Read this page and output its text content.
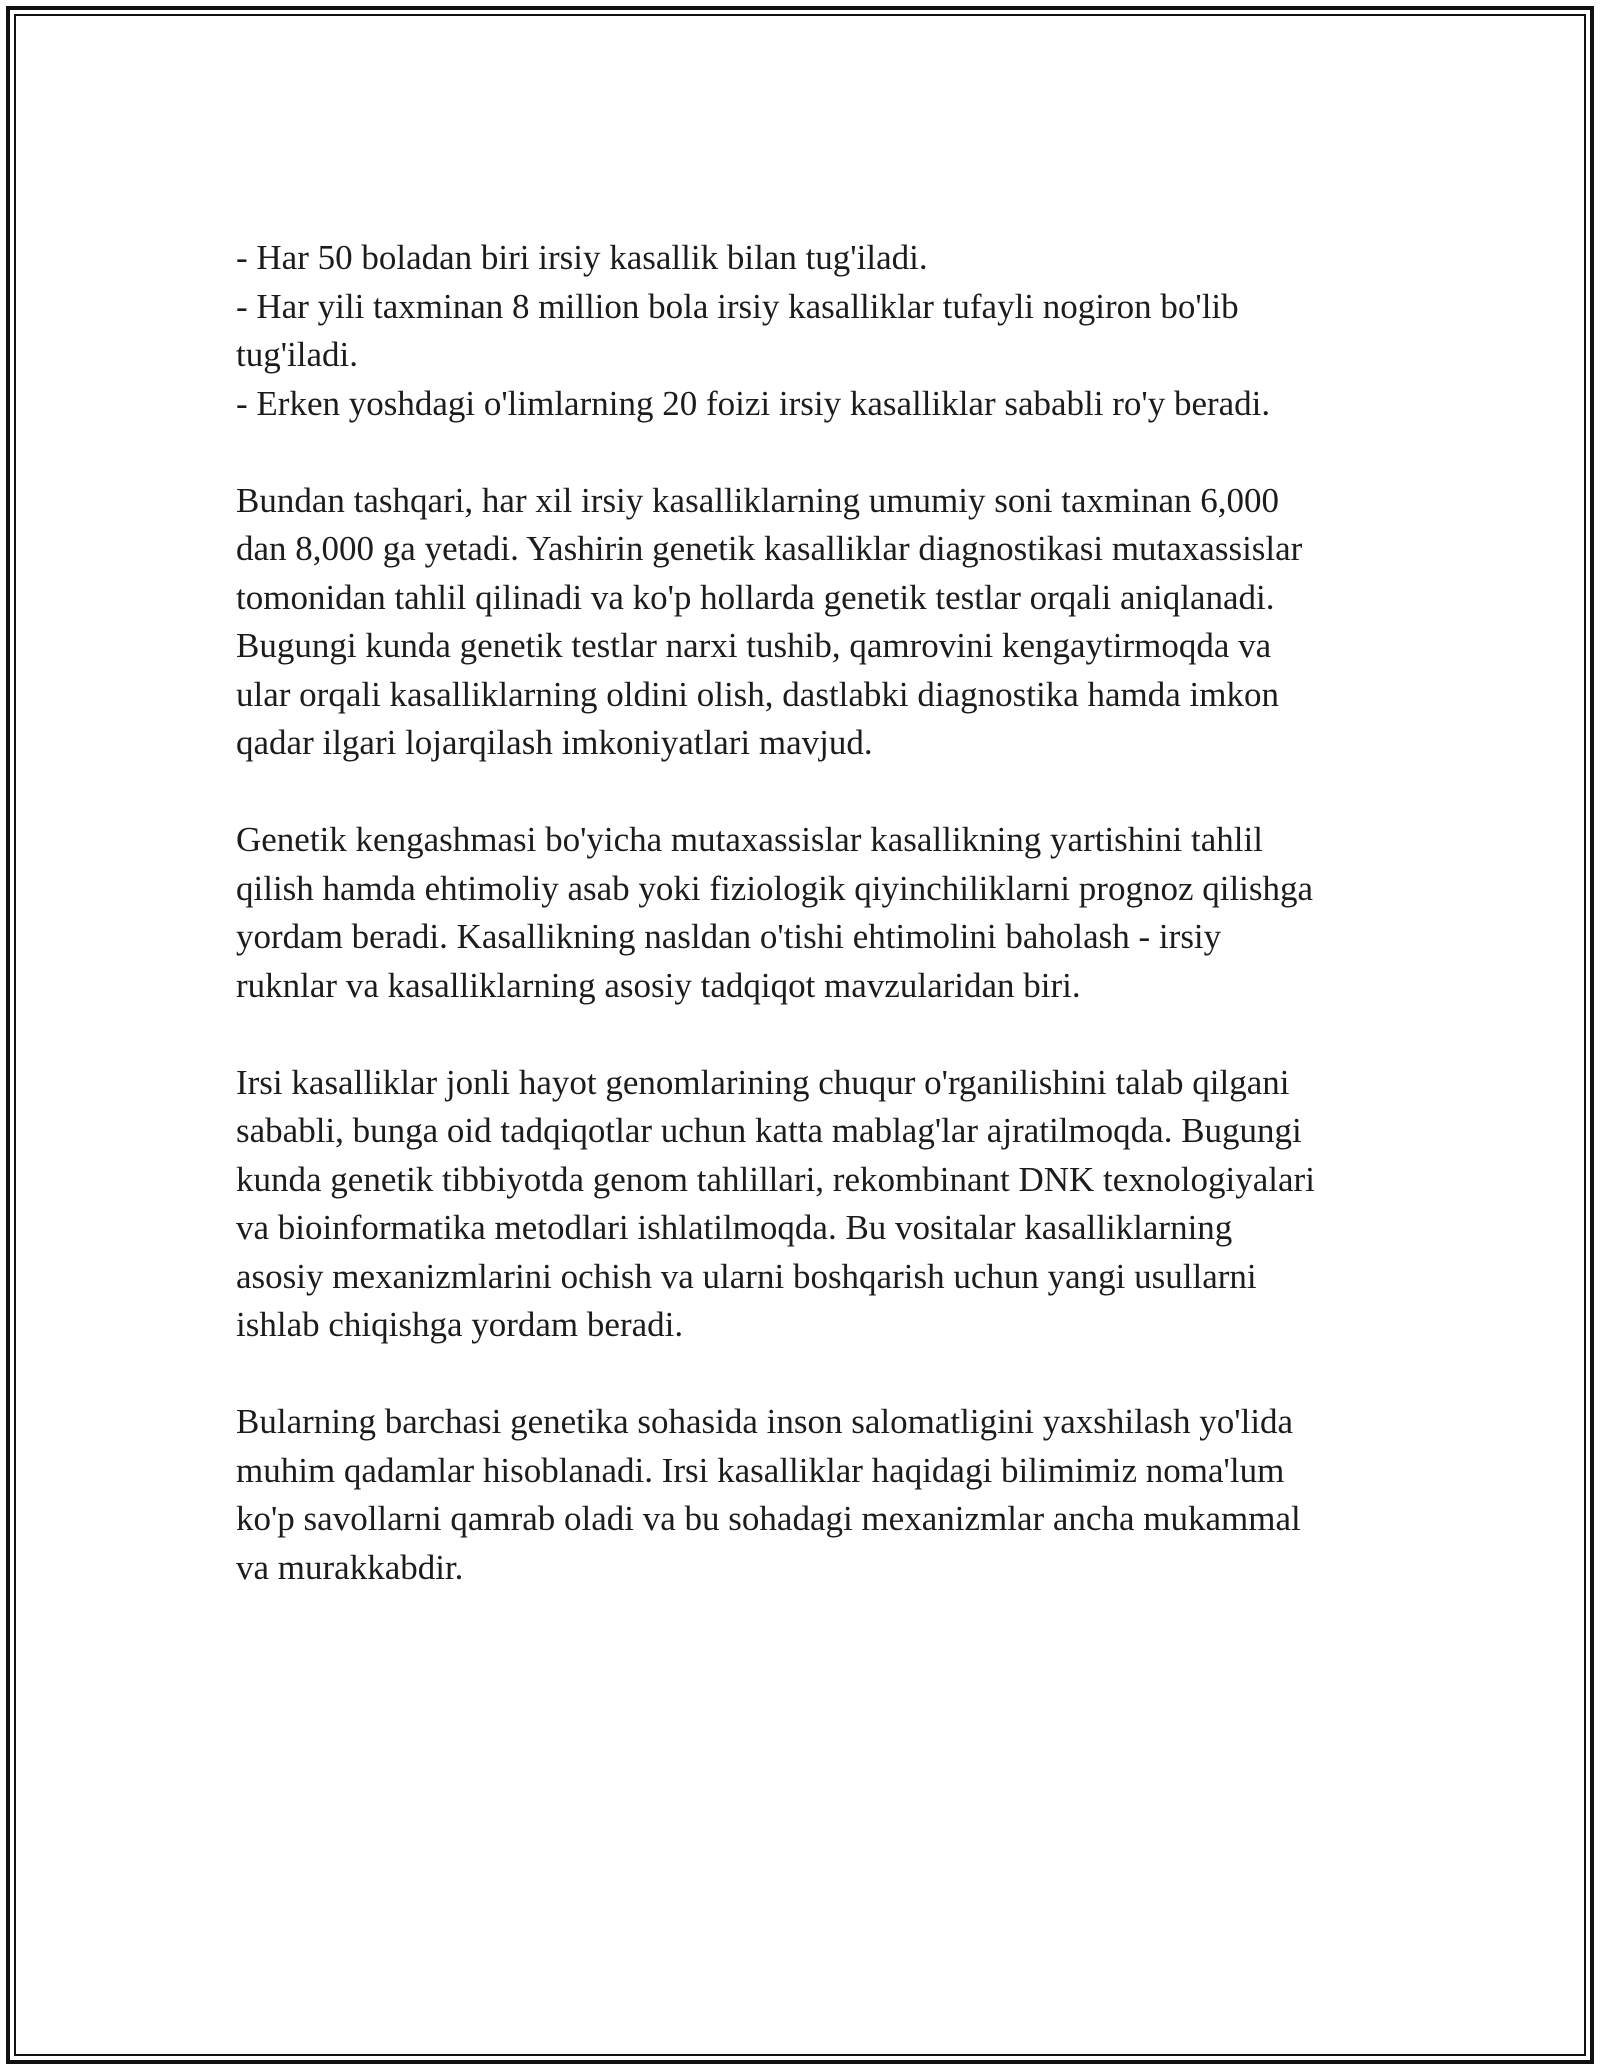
- Har 50 boladan biri irsiy kasallik bilan tug'iladi.
- Har yili taxminan 8 million bola irsiy kasalliklar tufayli nogiron bo'lib
tug'iladi.
- Erken yoshdagi o'limlarning 20 foizi irsiy kasalliklar sababli ro'y beradi.
Bundan tashqari, har xil irsiy kasalliklarning umumiy soni taxminan 6,000
dan 8,000 ga yetadi. Yashirin genetik kasalliklar diagnostikasi mutaxassislar
tomonidan tahlil qilinadi va ko'p hollarda genetik testlar orqali aniqlanadi.
Bugungi kunda genetik testlar narxi tushib, qamrovini kengaytirmoqda va
ular orqali kasalliklarning oldini olish, dastlabki diagnostika hamda imkon
qadar ilgari lojarqilash imkoniyatlari mavjud.
Genetik kengashmasi bo'yicha mutaxassislar kasallikning yartishini tahlil
qilish hamda ehtimoliy asab yoki fiziologik qiyinchiliklarni prognoz qilishga
yordam beradi. Kasallikning nasldan o'tishi ehtimolini baholash - irsiy
ruknlar va kasalliklarning asosiy tadqiqot mavzularidan biri.
Irsi kasalliklar jonli hayot genomlarining chuqur o'rganilishini talab qilgani
sababli, bunga oid tadqiqotlar uchun katta mablag'lar ajratilmoqda. Bugungi
kunda genetik tibbiyotda genom tahlillari, rekombinant DNK texnologiyalari
va bioinformatika metodlari ishlatilmoqda. Bu vositalar kasalliklarning
asosiy mexanizmlarini ochish va ularni boshqarish uchun yangi usullarni
ishlab chiqishga yordam beradi.
Bularning barchasi genetika sohasida inson salomatligini yaxshilash yo'lida
muhim qadamlar hisoblanadi. Irsi kasalliklar haqidagi bilimimiz noma'lum
ko'p savollarni qamrab oladi va bu sohadagi mexanizmlar ancha mukammal
va murakkabdir.
